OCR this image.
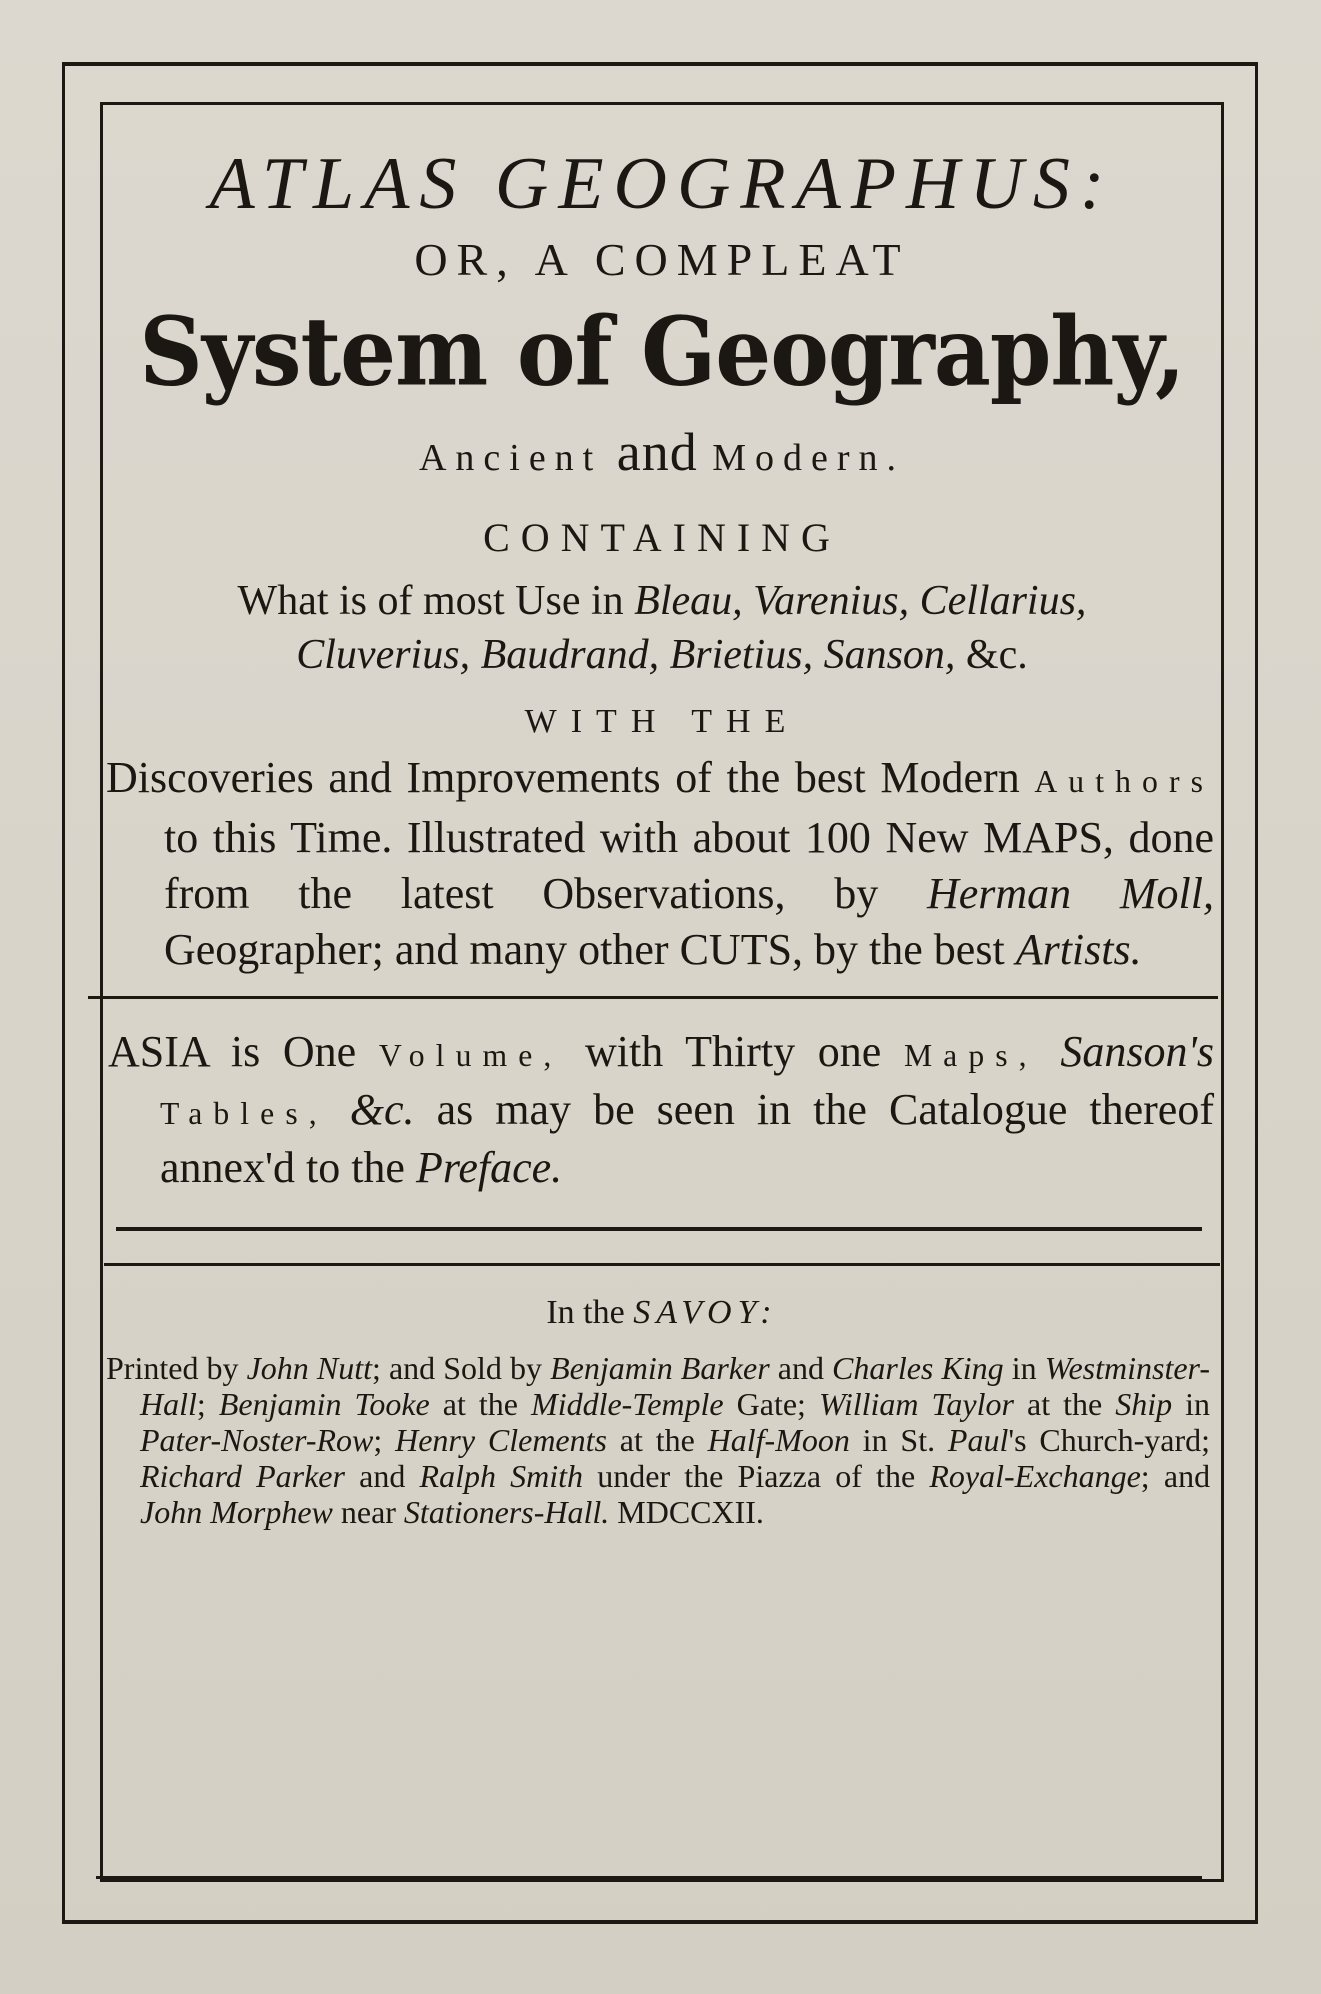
ATLAS GEOGRAPHUS:
OR, A COMPLEAT
System of Geography,
Ancient and Modern.
CONTAINING
What is of most Use in Bleau, Varenius, Cellarius,
Cluverius, Baudrand, Brietius, Sanson, &c.
WITH THE
Discoveries and Improvements of the best Modern Authors to this Time. Illustrated with about 100 New MAPS, done from the latest Observations, by Herman Moll, Geographer; and many other CUTS, by the best Artists.
ASIA is One Volume, with Thirty one Maps, Sanson's Tables, &c. as may be seen in the Catalogue thereof annex'd to the Preface.
In the SAVOY:
Printed by John Nutt; and Sold by Benjamin Barker and Charles King in Westminster-Hall; Benjamin Tooke at the Middle-Temple Gate; William Taylor at the Ship in Pater-Noster-Row; Henry Clements at the Half-Moon in St. Paul's Church-yard; Richard Parker and Ralph Smith under the Piazza of the Royal-Exchange; and John Morphew near Stationers-Hall. MDCCXII.
